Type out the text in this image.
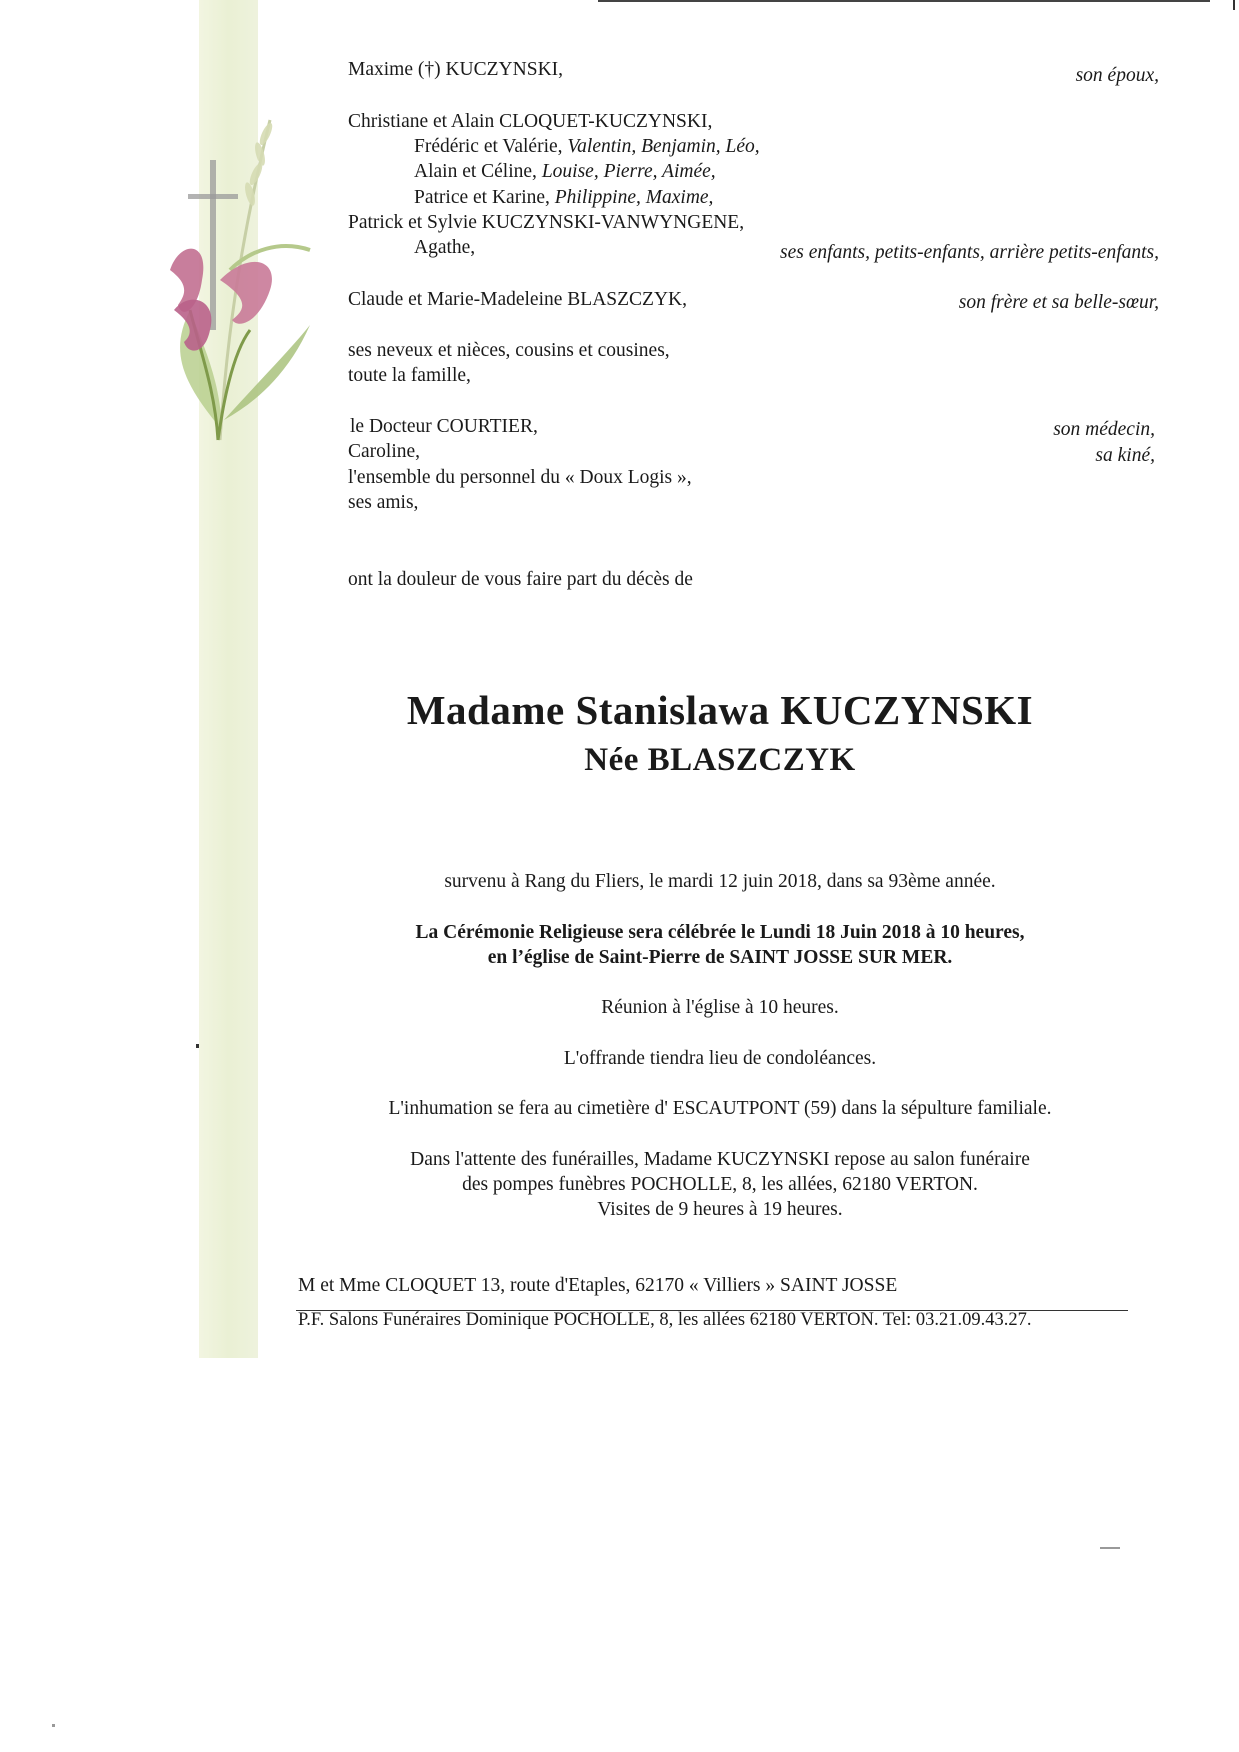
Maxime (†) KUCZYNSKI,	son époux,
Christiane et Alain CLOQUET-KUCZYNSKI,
Frédéric et Valérie, Valentin, Benjamin, Léo,
Alain et Céline, Louise, Pierre, Aimée,
Patrice et Karine, Philippine, Maxime,
Patrick et Sylvie KUCZYNSKI-VANWYNGENE,
Agathe,	ses enfants, petits-enfants, arrière petits-enfants,
Claude et Marie-Madeleine BLASZCZYK,	son frère et sa belle-sœur,
ses neveux et nièces, cousins et cousines,
toute la famille,
le Docteur COURTIER,	son médecin,
Caroline,	sa kiné,
l'ensemble du personnel du « Doux Logis »,
ses amis,
ont la douleur de vous faire part du décès de
Madame Stanislawa KUCZYNSKI
Née BLASZCZYK
survenu à Rang du Fliers, le mardi 12 juin 2018, dans sa 93ème année.
La Cérémonie Religieuse sera célébrée le Lundi 18 Juin 2018 à 10 heures,
en l’église de Saint-Pierre de SAINT JOSSE SUR MER.
Réunion à l'église à 10 heures.
L'offrande tiendra lieu de condoléances.
L'inhumation se fera au cimetière d' ESCAUTPONT (59) dans la sépulture familiale.
Dans l'attente des funérailles, Madame KUCZYNSKI repose au salon funéraire
des pompes funèbres POCHOLLE, 8, les allées, 62180 VERTON.
Visites de 9 heures à 19 heures.
M et Mme CLOQUET 13, route d'Etaples, 62170 « Villiers » SAINT JOSSE
P.F. Salons Funéraires Dominique POCHOLLE, 8, les allées 62180 VERTON. Tel: 03.21.09.43.27.
